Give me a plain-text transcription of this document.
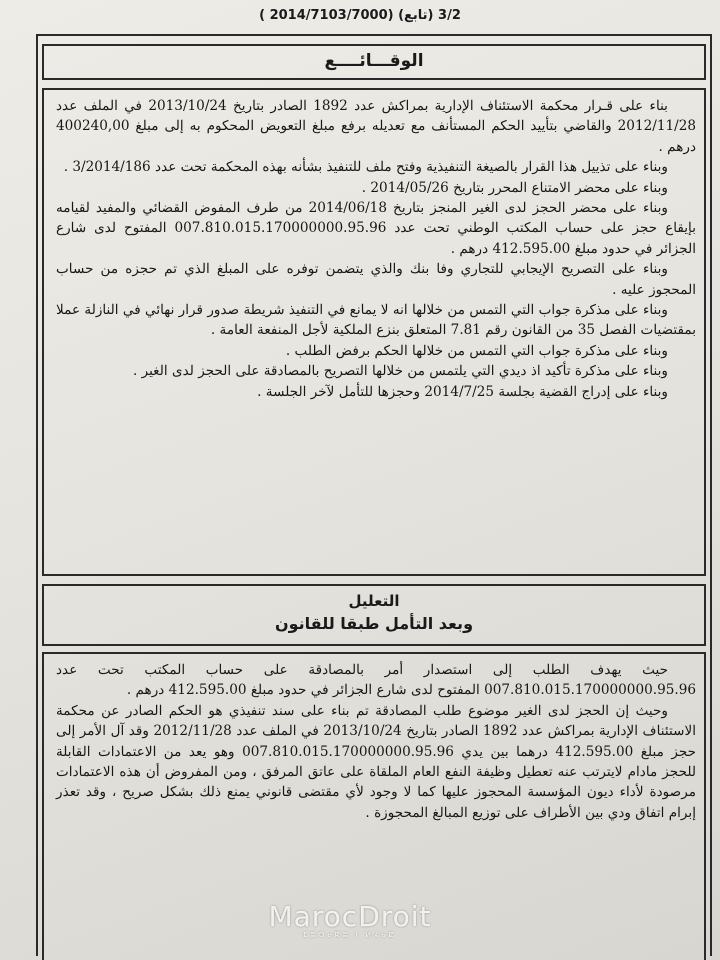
3/2 (تابع) (2014/7103/7000 )
الوقـــائــــع

بناء على قـرار محكمة الاستئناف الإدارية بمراكش عدد 1892 الصادر بتاريخ 2013/10/24 في الملف عدد 2012/11/28 والقاضي بتأييد الحكم المستأنف مع تعديله برفع مبلغ التعويض المحكوم به إلى مبلغ 400240,00 درهم .

وبناء على تذييل هذا القرار بالصيغة التنفيذية وفتح ملف للتنفيذ بشأنه بهذه المحكمة تحت عدد 3/2014/186 .

وبناء على محضر الامتناع المحرر بتاريخ 2014/05/26 .

وبناء على محضر الحجز لدى الغير المنجز بتاريخ 2014/06/18 من طرف المفوض القضائي والمفيد لقيامه بإيقاع حجز على حساب المكتب الوطني تحت عدد 007.810.015.170000000.95.96 المفتوح لدى شارع الجزائر في حدود مبلغ 412.595.00 درهم .

وبناء على التصريح الإيجابي للتجاري وفا بنك والذي يتضمن توفره على المبلغ الذي تم حجزه من حساب المحجوز عليه .

وبناء على مذكرة جواب التي التمس من خلالها انه لا يمانع في التنفيذ شريطة صدور قرار نهائي في النازلة عملا بمقتضيات الفصل 35 من القانون رقم 7.81 المتعلق بنزع الملكية لأجل المنفعة العامة .

وبناء على مذكرة جواب التي التمس من خلالها الحكم برفض الطلب .

وبناء على مذكرة تأكيد اذ ديدي التي يلتمس من خلالها التصريح بالمصادقة على الحجز لدى الغير .

وبناء على إدراج القضية بجلسة 2014/7/25 وحجزها للتأمل لآخر الجلسة .

التعليل
وبعد التأمل طبقا للقانون

حيث يهدف الطلب إلى استصدار أمر بالمصادقة على حساب المكتب تحت عدد 007.810.015.170000000.95.96 المفتوح لدى شارع الجزائر في حدود مبلغ 412.595.00 درهم .

وحيث إن الحجز لدى الغير موضوع طلب المصادقة تم بناء على سند تنفيذي هو الحكم الصادر عن محكمة الاستئناف الإدارية بمراكش عدد 1892 الصادر بتاريخ 2013/10/24 في الملف عدد 2012/11/28 وقد آل الأمر إلى حجز مبلغ 412.595.00 درهما بين يدي 007.810.015.170000000.95.96 وهو يعد من الاعتمادات القابلة للحجز مادام لايترتب عنه تعطيل وظيفة النفع العام الملقاة على عاتق المرفق ، ومن المفروض أن هذه الاعتمادات مرصودة لأداء ديون المؤسسة المحجوز عليها كما لا وجود لأي مقتضى قانوني يمنع ذلك بشكل صريح ، وقد تعذر إبرام اتفاق ودي بين الأطراف على توزيع المبالغ المحجوزة .

MarocDroit
ⵎⵓⵔⴰⴽⵓ ⵏ ⵍⵃⴰⵇ
